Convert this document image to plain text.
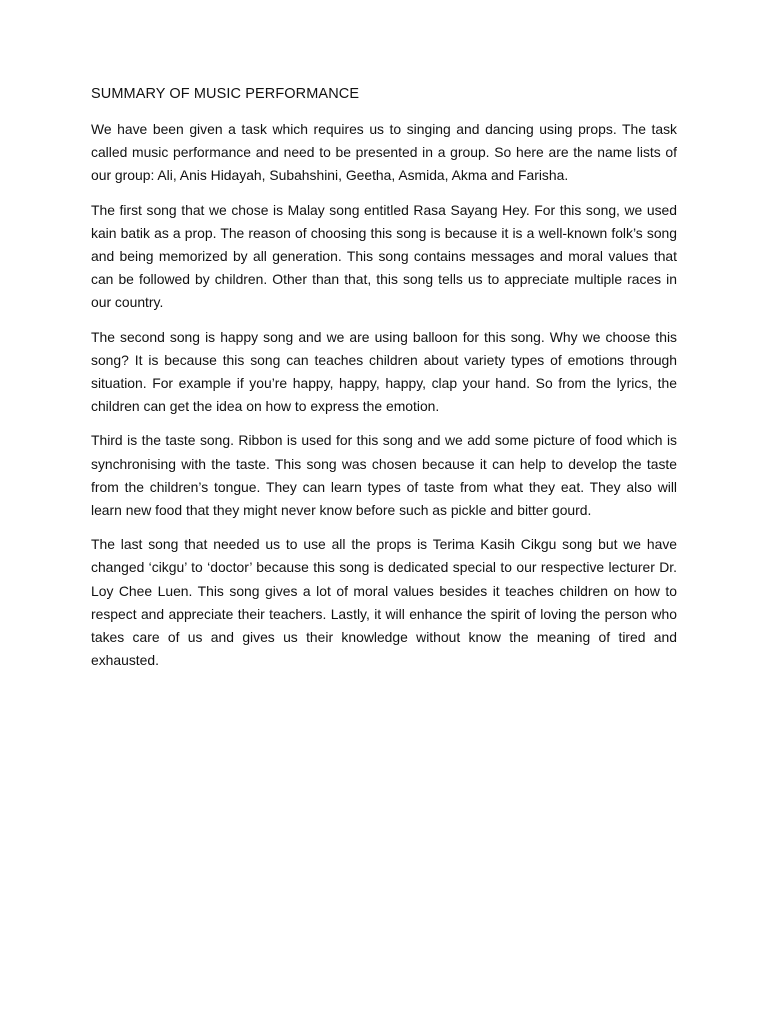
SUMMARY OF MUSIC PERFORMANCE

We have been given a task which requires us to singing and dancing using props. The task called music performance and need to be presented in a group. So here are the name lists of our group: Ali, Anis Hidayah, Subahshini, Geetha, Asmida, Akma and Farisha.

The first song that we chose is Malay song entitled Rasa Sayang Hey. For this song, we used kain batik as a prop. The reason of choosing this song is because it is a well-known folk’s song and being memorized by all generation. This song contains messages and moral values that can be followed by children. Other than that, this song tells us to appreciate multiple races in our country.

The second song is happy song and we are using balloon for this song. Why we choose this song? It is because this song can teaches children about variety types of emotions through situation. For example if you’re happy, happy, happy, clap your hand. So from the lyrics, the children can get the idea on how to express the emotion.

Third is the taste song. Ribbon is used for this song and we add some picture of food which is synchronising with the taste. This song was chosen because it can help to develop the taste from the children’s tongue. They can learn types of taste from what they eat. They also will learn new food that they might never know before such as pickle and bitter gourd.

The last song that needed us to use all the props is Terima Kasih Cikgu song but we have changed ‘cikgu’ to ‘doctor’ because this song is dedicated special to our respective lecturer Dr. Loy Chee Luen. This song gives a lot of moral values besides it teaches children on how to respect and appreciate their teachers. Lastly, it will enhance the spirit of loving the person who takes care of us and gives us their knowledge without know the meaning of tired and exhausted.
